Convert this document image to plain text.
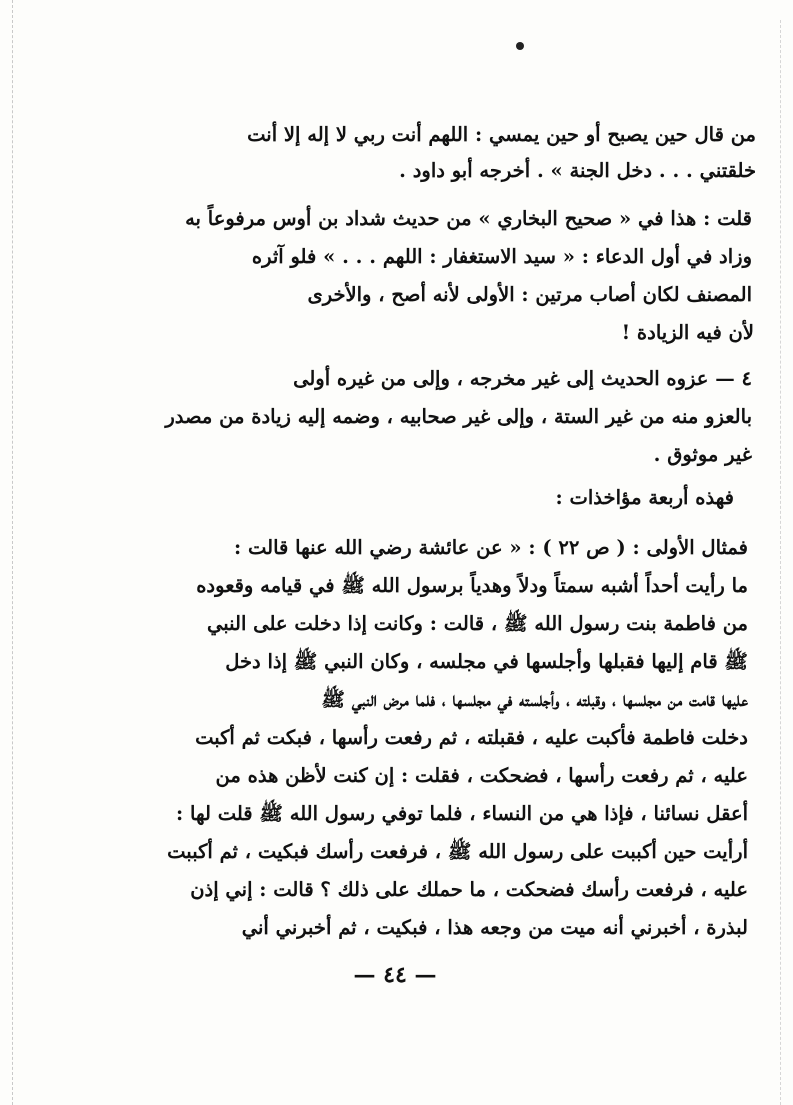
من قال حين يصبح أو حين يمسي : اللهم أنت ربي لا إله إلا أنت
خلقتني . . . دخل الجنة » . أخرجه أبو داود .
قلت : هذا في « صحيح البخاري » من حديث شداد بن أوس مرفوعاً به
وزاد في أول الدعاء : « سيد الاستغفار : اللهم . . . » فلو آثره
المصنف لكان أصاب مرتين : الأولى لأنه أصح ، والأخرى
لأن فيه الزيادة !
٤ — عزوه الحديث إلى غير مخرجه ، وإلى من غيره أولى
بالعزو منه من غير الستة ، وإلى غير صحابيه ، وضمه إليه زيادة من مصدر
غير موثوق .
فهذه أربعة مؤاخذات :
فمثال الأولى : ( ص ٢٢ ) : « عن عائشة رضي الله عنها قالت :
ما رأيت أحداً أشبه سمتاً ودلاً وهدياً برسول الله ﷺ في قيامه وقعوده
من فاطمة بنت رسول الله ﷺ ، قالت : وكانت إذا دخلت على النبي
ﷺ قام إليها فقبلها وأجلسها في مجلسه ، وكان النبي ﷺ إذا دخل
عليها قامت من مجلسها ، وقبلته ، وأجلسته في مجلسها ، فلما مرض النبي ﷺ
دخلت فاطمة فأكبت عليه ، فقبلته ، ثم رفعت رأسها ، فبكت ثم أكبت
عليه ، ثم رفعت رأسها ، فضحكت ، فقلت : إن كنت لأظن هذه من
أعقل نسائنا ، فإذا هي من النساء ، فلما توفي رسول الله ﷺ قلت لها :
أرأيت حين أكببت على رسول الله ﷺ ، فرفعت رأسك فبكيت ، ثم أكببت
عليه ، فرفعت رأسك فضحكت ، ما حملك على ذلك ؟ قالت : إني إذن
لبذرة ، أخبرني أنه ميت من وجعه هذا ، فبكيت ، ثم أخبرني أني
— ٤٤ —
